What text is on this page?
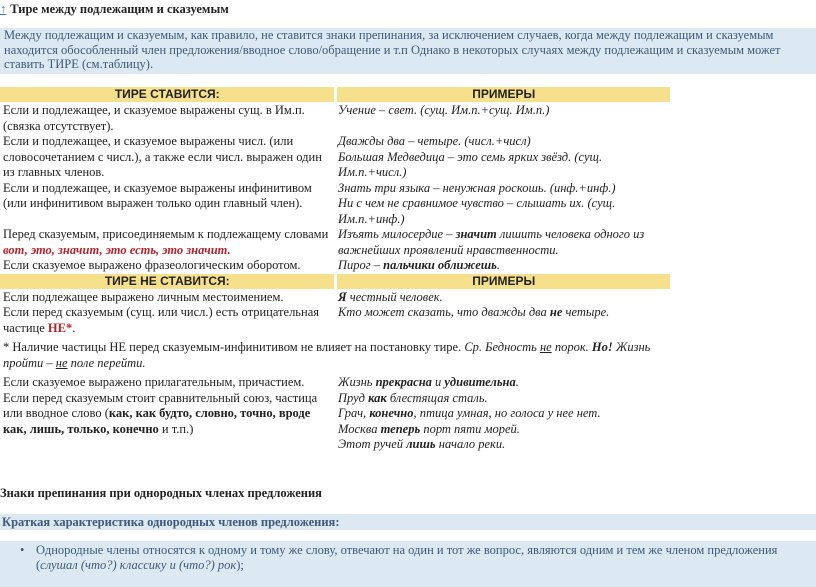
↑ Тире между подлежащим и сказуемым
Между подлежащим и сказуемым, как правило, не ставится знаки препинания, за исключением случаев, когда между подлежащим и сказуемым находится обособленный член предложения/вводное слово/обращение и т.п Однако в некоторых случаях между подлежащим и сказуемым может ставить ТИРЕ (см.таблицу).
ТИРЕ СТАВИТСЯ:	ПРИМЕРЫ
Если и подлежащее, и сказуемое выражены сущ. в Им.п. (связка отсутствует).	Учение – свет. (сущ. Им.п.+сущ. Им.п.)
Если и подлежащее, и сказуемое выражены числ. (или словосочетанием с числ.), а также если числ. выражен один из главных членов.	Дважды два – четыре. (числ.+числ)
Большая Медведица – это семь ярких звёзд. (сущ. Им.п.+числ.)

Если и подлежащее, и сказуемое выражены инфинитивом (или инфинитивом выражен только один главный член).	Знать три языка – ненужная роскошь. (инф.+инф.)
Ни с чем не сравнимое чувство – слышать их. (сущ. Им.п.+инф.)

Перед сказуемым, присоединяемым к подлежащему словами вот, это, значит, это есть, это значит.	Изъять милосердие – значит лишить человека одного из важнейших проявлений нравственности.
Если сказуемое выражено фразеологическим оборотом.	Пирог – пальчики оближешь.
ТИРЕ НЕ СТАВИТСЯ:	ПРИМЕРЫ
Если подлежащее выражено личным местоимением.	Я честный человек.
Если перед сказуемым (сущ. или числ.) есть отрицательная частице НЕ*.	Кто может сказать, что дважды два не четыре.

* Наличие частицы НЕ перед сказуемым-инфинитивом не влияет на постановку тире. Ср. Бедность не порок. Но! Жизнь пройти – не поле перейти.	

Если сказуемое выражено прилагательным, причастием.	Жизнь прекрасна и удивительна.
Если перед сказуемым стоит сравнительный союз, частица или вводное слово (как, как будто, словно, точно, вроде как, лишь, только, конечно и т.п.)	Пруд как блестящая сталь.
Грач, конечно, птица умная, но голоса у нее нет.
Москва теперь порт пяти морей.
Этот ручей лишь начало реки.
Знаки препинания при однородных членах предложения
Краткая характеристика однородных членов предложения:
• Однородные члены относятся к одному и тому же слову, отвечают на один и тот же вопрос, являются одним и тем же членом предложения (слушал (что?) классику и (что?) рок);
